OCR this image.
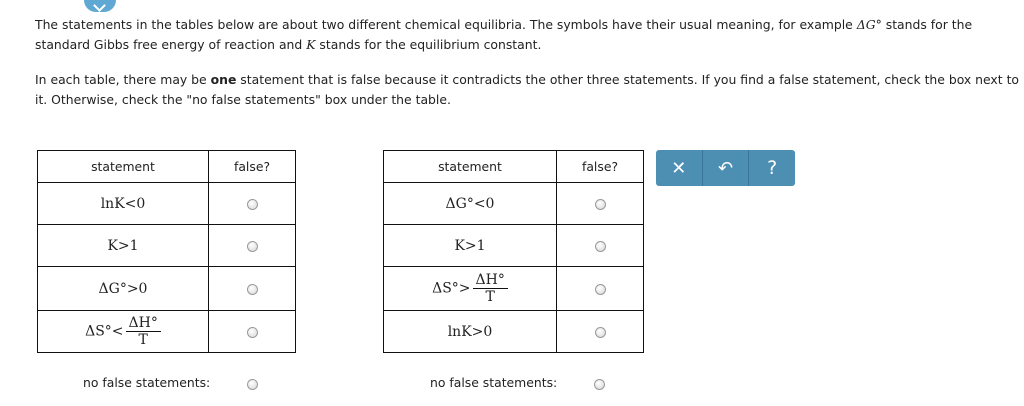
The statements in the tables below are about two different chemical equilibria. The symbols have their usual meaning, for example ΔG° stands for the standard Gibbs free energy of reaction and K stands for the equilibrium constant.

In each table, there may be one statement that is false because it contradicts the other three statements. If you find a false statement, check the box next to it. Otherwise, check the "no false statements" box under the table.

statement	false?
lnK<0	
K>1	
ΔG°>0	
$\Delta S^\circ< \frac{\Delta H^\circ}{T}$

statement	false?
ΔG°<0	
K>1	
$\Delta S^\circ> \frac{\Delta H^\circ}{T}$

lnK>0	
✕ ↶ ?
no false statements:	no false statements:
